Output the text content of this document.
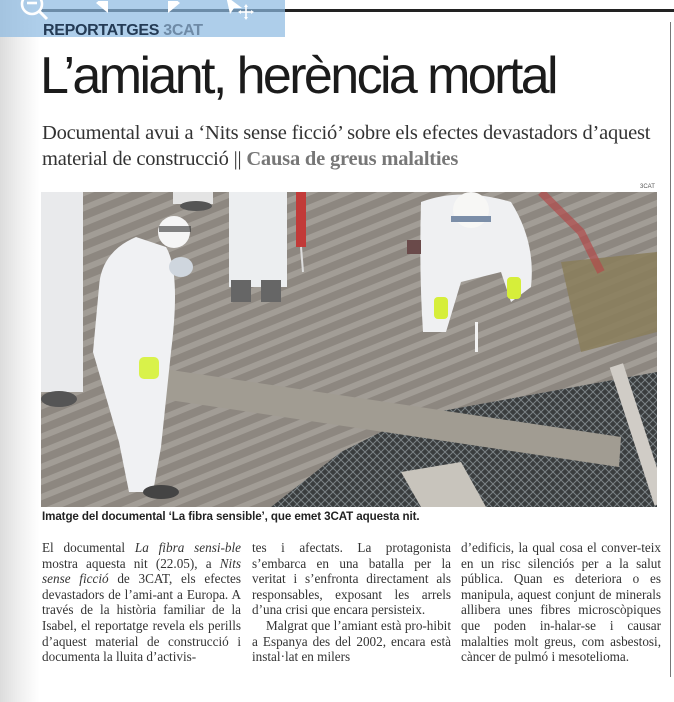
REPORTATGES 3CAT
L’amiant, herència mortal

Documental avui a ‘Nits sense ficció’ sobre els efectes devastadors d’aquest material de construcció || Causa de greus malalties

3CAT
Imatge del documental ‘La fibra sensible’, que emet 3CAT aquesta nit.

El documental La fibra sensi-ble mostra aquesta nit (22.05), a Nits sense ficció de 3CAT, els efectes devastadors de l’ami-ant a Europa. A través de la història familiar de la Isabel, el reportatge revela els perills d’aquest material de construcció i documenta la lluita d’activis-

tes i afectats. La protagonista s’embarca en una batalla per la veritat i s’enfronta directament als responsables, exposant les arrels d’una crisi que encara persisteix.

Malgrat que l’amiant està pro-hibit a Espanya des del 2002, encara està instal·lat en milers

d’edificis, la qual cosa el conver-teix en un risc silenciós per a la salut pública. Quan es deteriora o es manipula, aquest conjunt de minerals allibera unes fibres microscòpiques que poden in-halar-se i causar malalties molt greus, com asbestosi, càncer de pulmó i mesotelioma.
